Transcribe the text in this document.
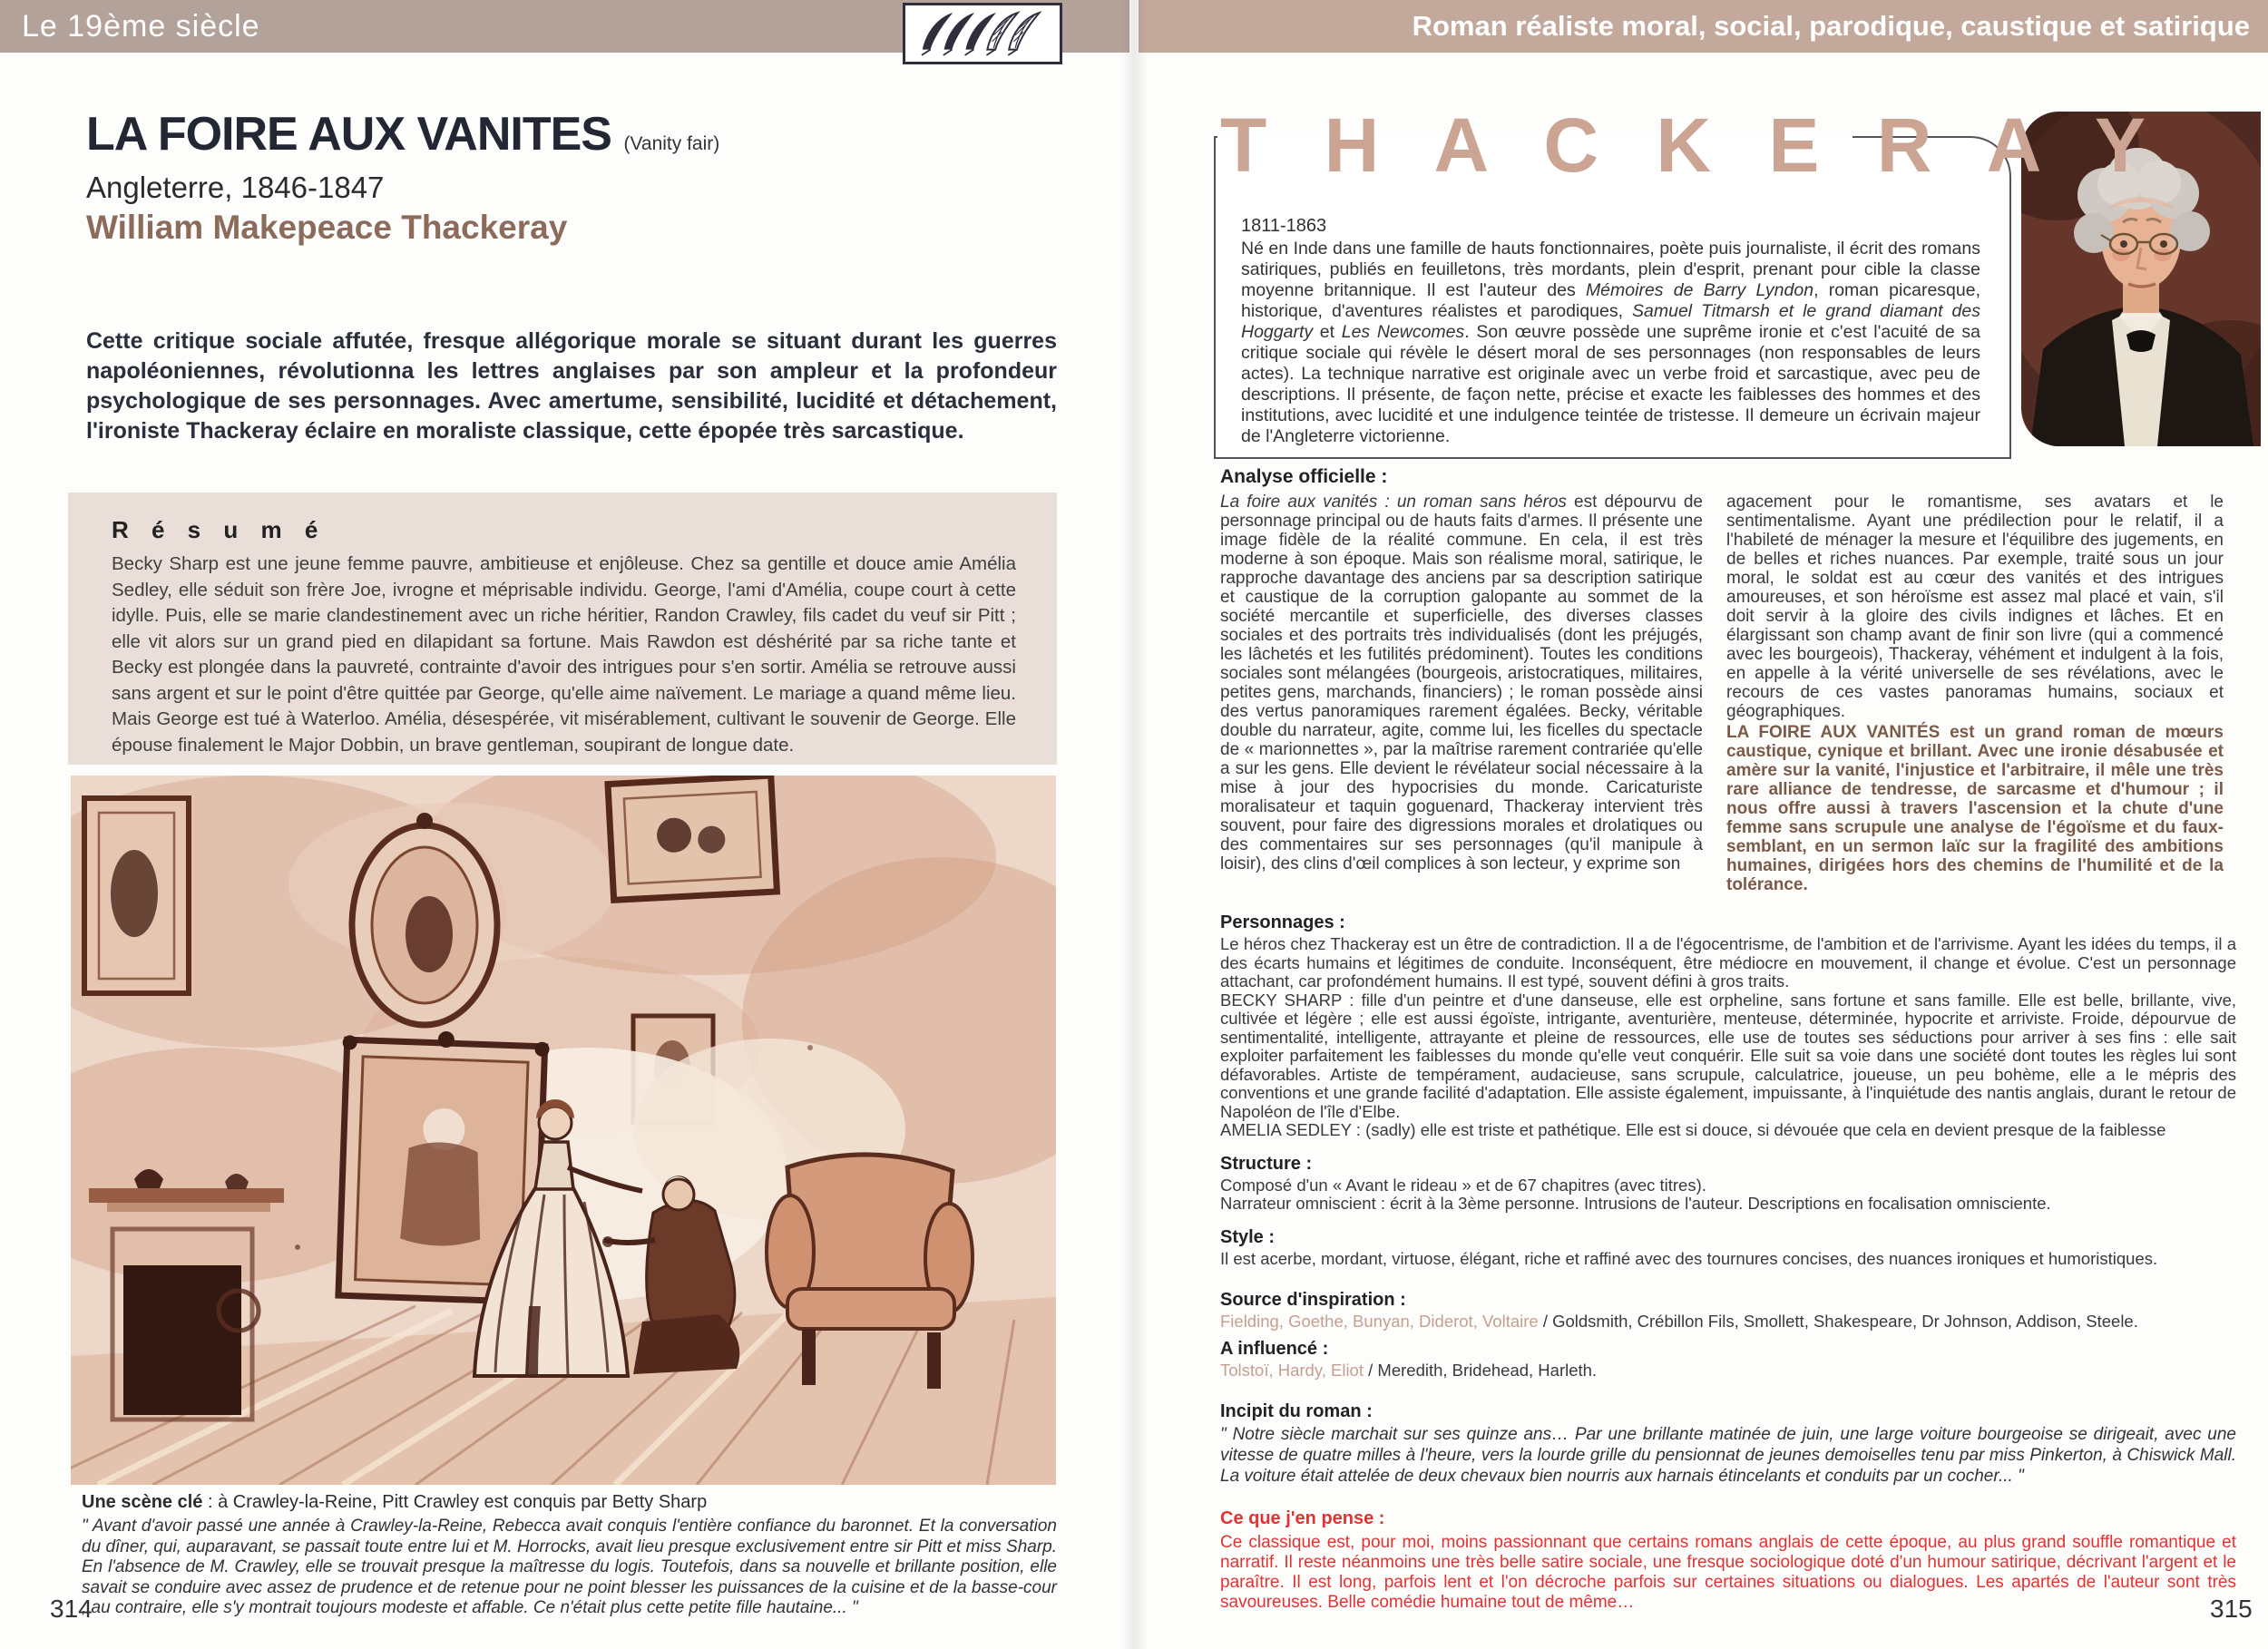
Le 19ème siècle	Roman réaliste moral, social, parodique, caustique et satirique
LA FOIRE AUX VANITES (Vanity fair)
Angleterre, 1846-1847
William Makepeace Thackeray
Cette critique sociale affutée, fresque allégorique morale se situant durant les guerres napoléoniennes, révolutionna les lettres anglaises par son ampleur et la profondeur psychologique de ses personnages. Avec amertume, sensibilité, lucidité et détachement, l'ironiste Thackeray éclaire en moraliste classique, cette épopée très sarcastique.
R é s u m é
Becky Sharp est une jeune femme pauvre, ambitieuse et enjôleuse. Chez sa gentille et douce amie Amélia Sedley, elle séduit son frère Joe, ivrogne et méprisable individu. George, l'ami d'Amélia, coupe court à cette idylle. Puis, elle se marie clandestinement avec un riche héritier, Randon Crawley, fils cadet du veuf sir Pitt ; elle vit alors sur un grand pied en dilapidant sa fortune. Mais Rawdon est déshérité par sa riche tante et Becky est plongée dans la pauvreté, contrainte d'avoir des intrigues pour s'en sortir. Amélia se retrouve aussi sans argent et sur le point d'être quittée par George, qu'elle aime naïvement. Le mariage a quand même lieu. Mais George est tué à Waterloo. Amélia, désespérée, vit misérablement, cultivant le souvenir de George. Elle épouse finalement le Major Dobbin, un brave gentleman, soupirant de longue date.
Une scène clé : à Crawley-la-Reine, Pitt Crawley est conquis par Betty Sharp
" Avant d'avoir passé une année à Crawley-la-Reine, Rebecca avait conquis l'entière confiance du baronnet. Et la conversation du dîner, qui, auparavant, se passait toute entre lui et M. Horrocks, avait lieu presque exclusivement entre sir Pitt et miss Sharp. En l'absence de M. Crawley, elle se trouvait presque la maîtresse du logis. Toutefois, dans sa nouvelle et brillante position, elle savait se conduire avec assez de prudence et de retenue pour ne point blesser les puissances de la cuisine et de la basse-cour ; au contraire, elle s'y montrait toujours modeste et affable. Ce n'était plus cette petite fille hautaine... "
314
T H A C K E R A Y
1811-1863
Né en Inde dans une famille de hauts fonctionnaires, poète puis journaliste, il écrit des romans satiriques, publiés en feuilletons, très mordants, plein d'esprit, prenant pour cible la classe moyenne britannique. Il est l'auteur des Mémoires de Barry Lyndon, roman picaresque, historique, d'aventures réalistes et parodiques, Samuel Titmarsh et le grand diamant des Hoggarty et Les Newcomes. Son œuvre possède une suprême ironie et c'est l'acuité de sa critique sociale qui révèle le désert moral de ses personnages (non responsables de leurs actes). La technique narrative est originale avec un verbe froid et sarcastique, avec peu de descriptions. Il présente, de façon nette, précise et exacte les faiblesses des hommes et des institutions, avec lucidité et une indulgence teintée de tristesse. Il demeure un écrivain majeur de l'Angleterre victorienne.
Analyse officielle :
La foire aux vanités : un roman sans héros est dépourvu de personnage principal ou de hauts faits d'armes. Il présente une image fidèle de la réalité commune. En cela, il est très moderne à son époque. Mais son réalisme moral, satirique, le rapproche davantage des anciens par sa description satirique et caustique de la corruption galopante au sommet de la société mercantile et superficielle, des diverses classes sociales et des portraits très individualisés (dont les préjugés, les lâchetés et les futilités prédominent). Toutes les conditions sociales sont mélangées (bourgeois, aristocratiques, militaires, petites gens, marchands, financiers) ; le roman possède ainsi des vertus panoramiques rarement égalées. Becky, véritable double du narrateur, agite, comme lui, les ficelles du spectacle de « marionnettes », par la maîtrise rarement contrariée qu'elle a sur les gens. Elle devient le révélateur social nécessaire à la mise à jour des hypocrisies du monde. Caricaturiste moralisateur et taquin goguenard, Thackeray intervient très souvent, pour faire des digressions morales et drolatiques ou des commentaires sur ses personnages (qu'il manipule à loisir), des clins d'œil complices à son lecteur, y exprime son
agacement pour le romantisme, ses avatars et le sentimentalisme. Ayant une prédilection pour le relatif, il a l'habileté de ménager la mesure et l'équilibre des jugements, en de belles et riches nuances. Par exemple, traité sous un jour moral, le soldat est au cœur des vanités et des intrigues amoureuses, et son héroïsme est assez mal placé et vain, s'il doit servir à la gloire des civils indignes et lâches. Et en élargissant son champ avant de finir son livre (qui a commencé avec les bourgeois), Thackeray, véhément et indulgent à la fois, en appelle à la vérité universelle de ses révélations, avec le recours de ces vastes panoramas humains, sociaux et géographiques.
LA FOIRE AUX VANITÉS est un grand roman de mœurs caustique, cynique et brillant. Avec une ironie désabusée et amère sur la vanité, l'injustice et l'arbitraire, il mêle une très rare alliance de tendresse, de sarcasme et d'humour ; il nous offre aussi à travers l'ascension et la chute d'une femme sans scrupule une analyse de l'égoïsme et du faux-semblant, en un sermon laïc sur la fragilité des ambitions humaines, dirigées hors des chemins de l'humilité et de la tolérance.
Personnages :
Le héros chez Thackeray est un être de contradiction. Il a de l'égocentrisme, de l'ambition et de l'arrivisme. Ayant les idées du temps, il a des écarts humains et légitimes de conduite. Inconséquent, être médiocre en mouvement, il change et évolue. C'est un personnage attachant, car profondément humains. Il est typé, souvent défini à gros traits.
BECKY SHARP : fille d'un peintre et d'une danseuse, elle est orpheline, sans fortune et sans famille. Elle est belle, brillante, vive, cultivée et légère ; elle est aussi égoïste, intrigante, aventurière, menteuse, déterminée, hypocrite et arriviste. Froide, dépourvue de sentimentalité, intelligente, attrayante et pleine de ressources, elle use de toutes ses séductions pour arriver à ses fins : elle sait exploiter parfaitement les faiblesses du monde qu'elle veut conquérir. Elle suit sa voie dans une société dont toutes les règles lui sont défavorables. Artiste de tempérament, audacieuse, sans scrupule, calculatrice, joueuse, un peu bohème, elle a le mépris des conventions et une grande facilité d'adaptation. Elle assiste également, impuissante, à l'inquiétude des nantis anglais, durant le retour de Napoléon de l'île d'Elbe.
AMELIA SEDLEY : (sadly) elle est triste et pathétique. Elle est si douce, si dévouée que cela en devient presque de la faiblesse
Structure :
Composé d'un « Avant le rideau » et de 67 chapitres (avec titres).
Narrateur omniscient : écrit à la 3ème personne. Intrusions de l'auteur. Descriptions en focalisation omnisciente.
Style :
Il est acerbe, mordant, virtuose, élégant, riche et raffiné avec des tournures concises, des nuances ironiques et humoristiques.
Source d'inspiration :
Fielding, Goethe, Bunyan, Diderot, Voltaire / Goldsmith, Crébillon Fils, Smollett, Shakespeare, Dr Johnson, Addison, Steele.
A influencé :
Tolstoï, Hardy, Eliot / Meredith, Bridehead, Harleth.
Incipit du roman :
" Notre siècle marchait sur ses quinze ans… Par une brillante matinée de juin, une large voiture bourgeoise se dirigeait, avec une vitesse de quatre milles à l'heure, vers la lourde grille du pensionnat de jeunes demoiselles tenu par miss Pinkerton, à Chiswick Mall. La voiture était attelée de deux chevaux bien nourris aux harnais étincelants et conduits par un cocher... "
Ce que j'en pense :
Ce classique est, pour moi, moins passionnant que certains romans anglais de cette époque, au plus grand souffle romantique et narratif. Il reste néanmoins une très belle satire sociale, une fresque sociologique doté d'un humour satirique, décrivant l'argent et le paraître. Il est long, parfois lent et l'on décroche parfois sur certaines situations ou dialogues. Les apartés de l'auteur sont très savoureuses. Belle comédie humaine tout de même…	315
